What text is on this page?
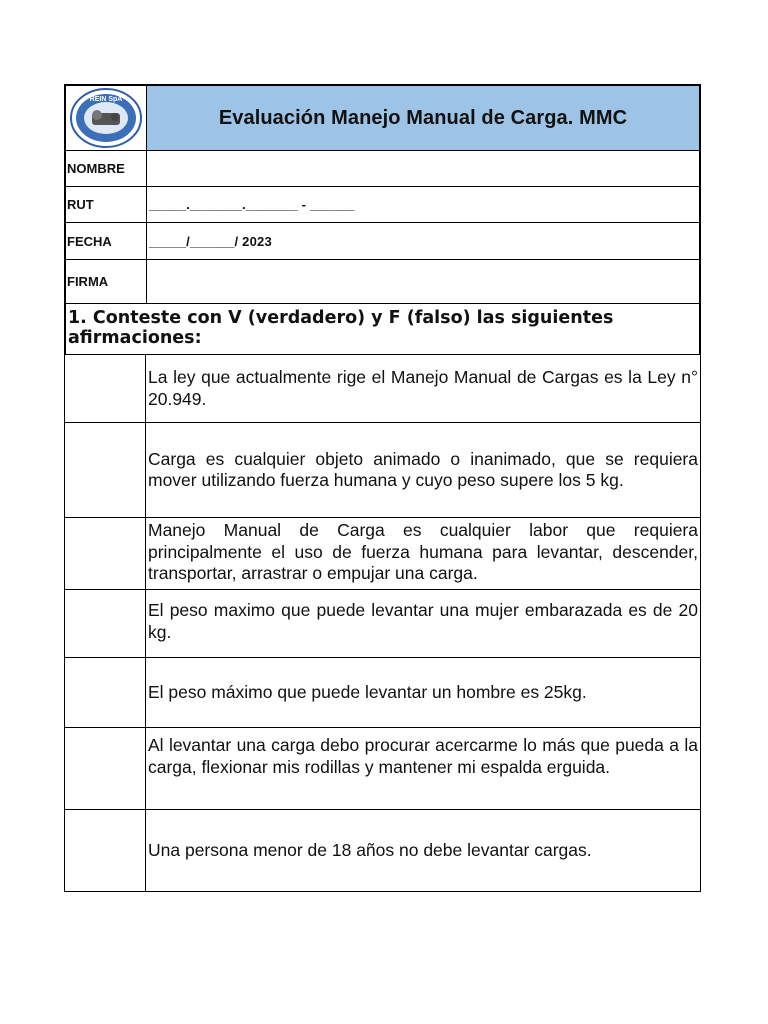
REIN SpA
Evaluación Manejo Manual de Carga. MMC
NOMBRE
RUT	_____._______._______ - ______
FECHA	_____/______/ 2023
FIRMA
1. Conteste con V (verdadero) y F (falso) las siguientes afirmaciones:
La ley que actualmente rige el Manejo Manual de Cargas es la Ley n° 20.949.
Carga es cualquier objeto animado o inanimado, que se requiera mover utilizando fuerza humana y cuyo peso supere los 5 kg.
Manejo Manual de Carga es cualquier labor que requiera principalmente el uso de fuerza humana para levantar, descender, transportar, arrastrar o empujar una carga.
El peso maximo que puede levantar una mujer embarazada es de 20 kg.
El peso máximo que puede levantar un hombre es 25kg.
Al levantar una carga debo procurar acercarme lo más que pueda a la carga, flexionar mis rodillas y mantener mi espalda erguida.
Una persona menor de 18 años no debe levantar cargas.
